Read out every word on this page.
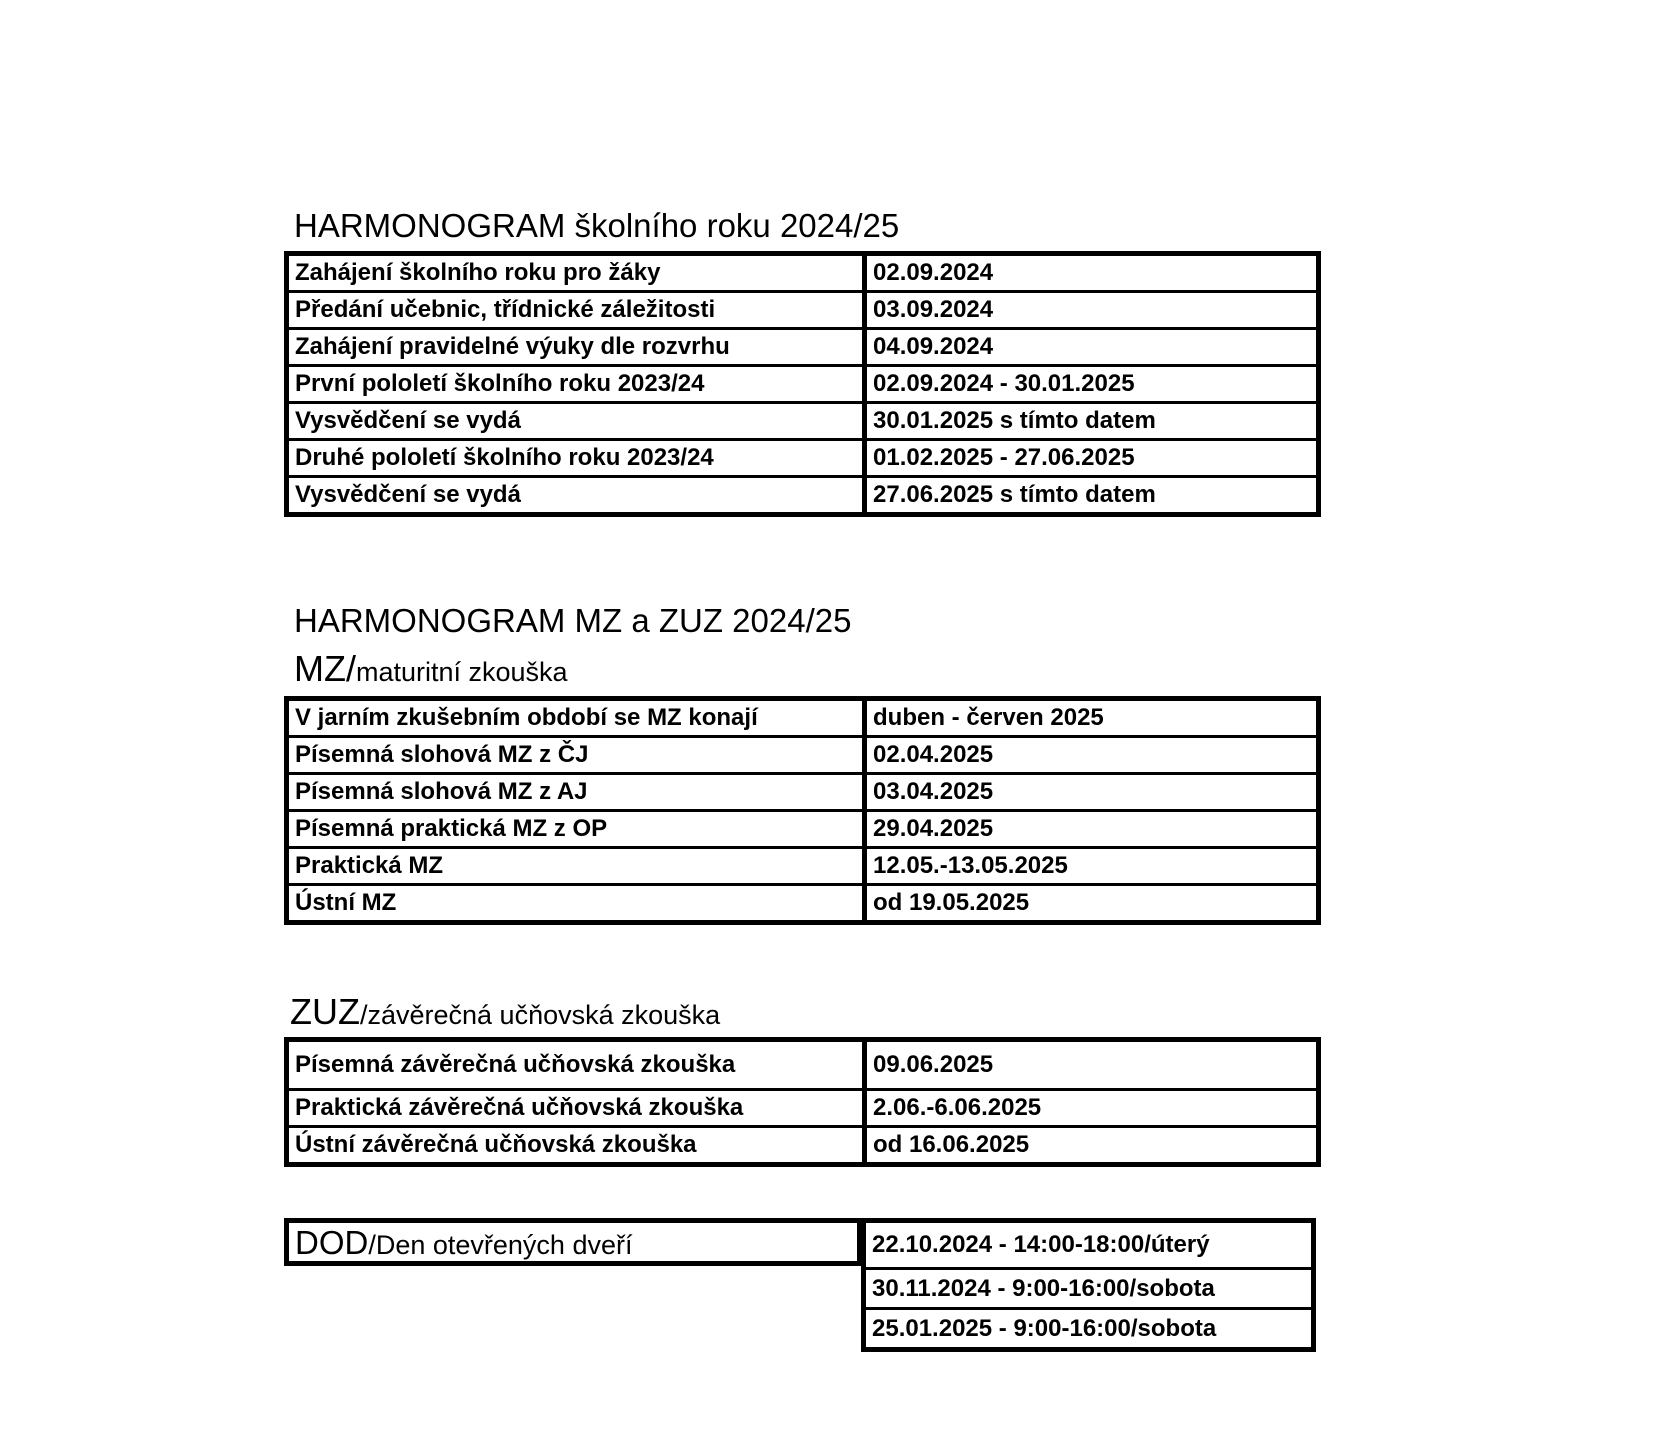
HARMONOGRAM školního roku 2024/25
Zahájení školního roku pro žáky	02.09.2024
Předání učebnic, třídnické záležitosti	03.09.2024
Zahájení pravidelné výuky dle rozvrhu	04.09.2024
První pololetí školního roku 2023/24	02.09.2024 - 30.01.2025
Vysvědčení se vydá	30.01.2025 s tímto datem
Druhé pololetí školního roku 2023/24	01.02.2025 - 27.06.2025
Vysvědčení se vydá	27.06.2025 s tímto datem
HARMONOGRAM MZ a ZUZ 2024/25
MZ/maturitní zkouška
V jarním zkušebním období se MZ konají	duben - červen 2025
Písemná slohová MZ z ČJ	02.04.2025
Písemná slohová MZ z AJ	03.04.2025
Písemná praktická MZ z OP	29.04.2025
Praktická MZ	12.05.-13.05.2025
Ústní MZ	od 19.05.2025
ZUZ/závěrečná učňovská zkouška
Písemná závěrečná učňovská zkouška	09.06.2025
Praktická závěrečná učňovská zkouška	2.06.-6.06.2025
Ústní závěrečná učňovská zkouška	od 16.06.2025
DOD/Den otevřených dveří	22.10.2024 - 14:00-18:00/úterý
30.11.2024 - 9:00-16:00/sobota
25.01.2025 - 9:00-16:00/sobota
